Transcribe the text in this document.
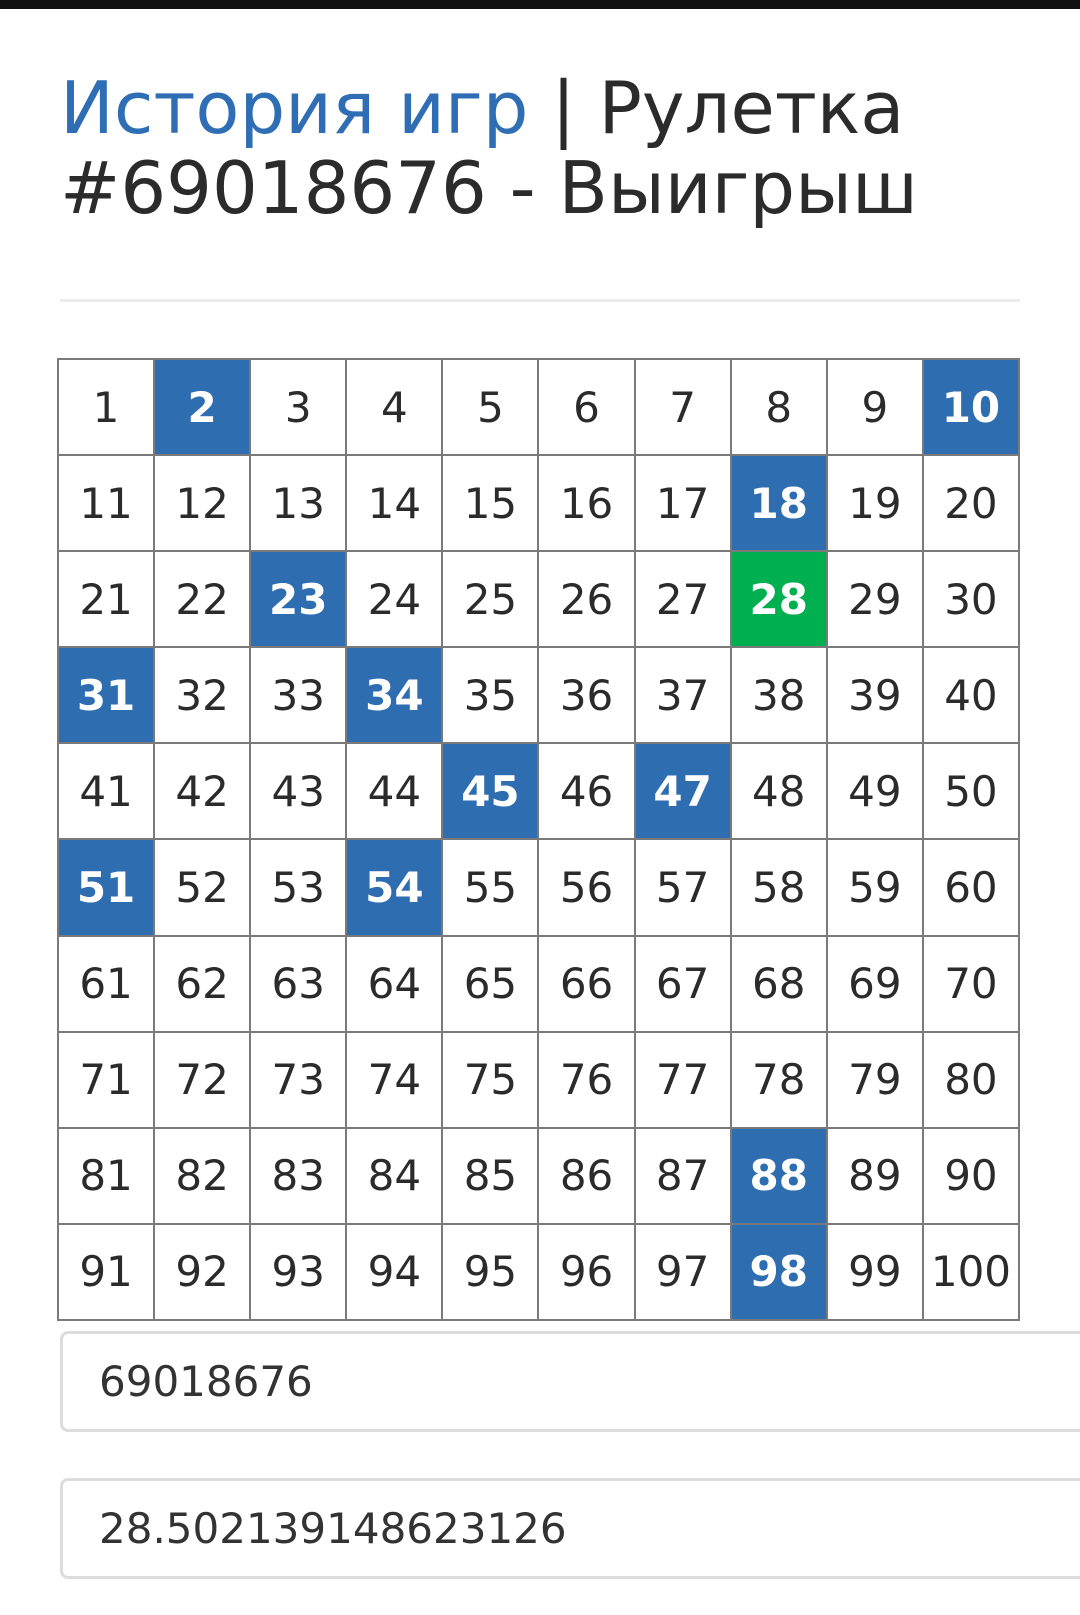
История игр | Рулетка
#69018676 - Выигрыш
1	2	3	4	5	6	7	8	9	10
11	12	13	14	15	16	17 18 19	20
21	22 23 24	25	26	27 28 29	30
31 32	33 34 35	36	37	38	39	40
41	42	43	44 45 46 47 48	49	50
51 52	53 54 55	56	57	58	59	60
61	62	63	64	65	66	67	68	69	70
71	72	73	74	75	76	77	78	79	80
81	82	83	84	85	86	87 88 89	90
91	92	93	94	95	96	97 98 99 100
69018676
28.502139148623126
